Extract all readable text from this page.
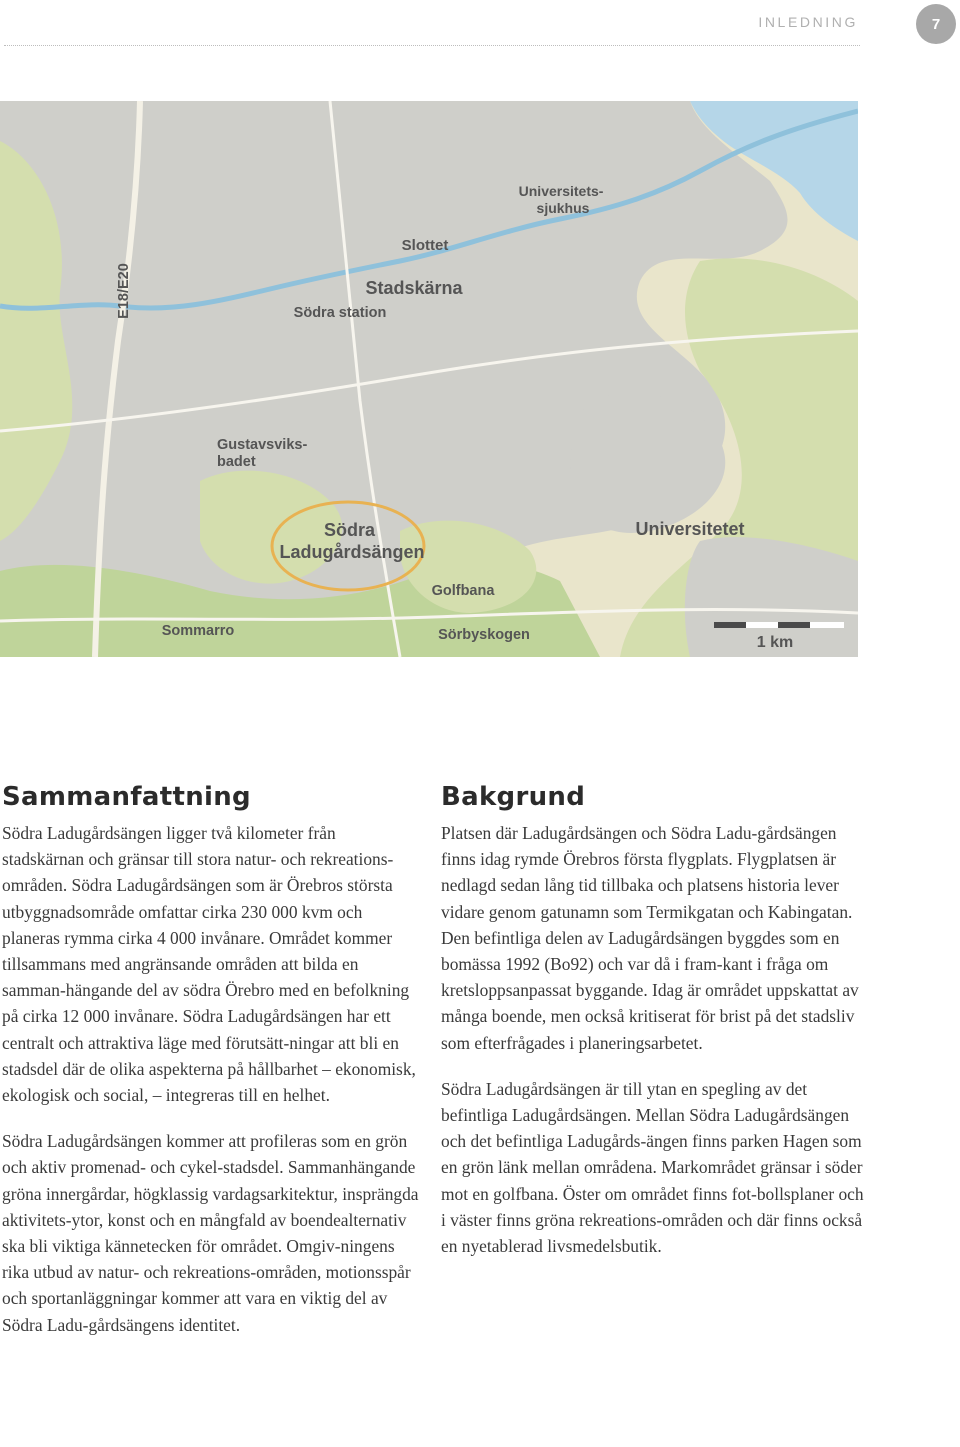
INLEDNING	7
Universitets- sjukhus
Slottet
Stadskärna
Södra station
E18/E20
Gustavsviks- badet
Södra Ladugårdsängen
Universitetet
Golfbana
Sommarro	Sörbyskogen	1 km
Sammanfattning

Södra Ladugårdsängen ligger två kilometer från stadskärnan och gränsar till stora natur- och rekreations-områden. Södra Ladugårdsängen som är Örebros största utbyggnadsområde omfattar cirka 230 000 kvm och planeras rymma cirka 4 000 invånare. Området kommer tillsammans med angränsande områden att bilda en samman-hängande del av södra Örebro med en befolkning på cirka 12 000 invånare. Södra Ladugårdsängen har ett centralt och attraktiva läge med förutsätt-ningar att bli en stadsdel där de olika aspekterna på hållbarhet – ekonomisk, ekologisk och social, – integreras till en helhet.

Södra Ladugårdsängen kommer att profileras som en grön och aktiv promenad- och cykel-stadsdel. Sammanhängande gröna innergårdar, högklassig vardagsarkitektur, insprängda aktivitets-ytor, konst och en mångfald av boendealternativ ska bli viktiga kännetecken för området. Omgiv-ningens rika utbud av natur- och rekreations-områden, motionsspår och sportanläggningar kommer att vara en viktig del av Södra Ladu-gårdsängens identitet.

Bakgrund

Platsen där Ladugårdsängen och Södra Ladu-gårdsängen finns idag rymde Örebros första flygplats. Flygplatsen är nedlagd sedan lång tid tillbaka och platsens historia lever vidare genom gatunamn som Termikgatan och Kabingatan. Den befintliga delen av Ladugårdsängen byggdes som en bomässa 1992 (Bo92) och var då i fram-kant i fråga om kretsloppsanpassat byggande. Idag är området uppskattat av många boende, men också kritiserat för brist på det stadsliv som efterfrågades i planeringsarbetet.

Södra Ladugårdsängen är till ytan en spegling av det befintliga Ladugårdsängen. Mellan Södra Ladugårdsängen och det befintliga Ladugårds-ängen finns parken Hagen som en grön länk mellan områdena. Markområdet gränsar i söder mot en golfbana. Öster om området finns fot-bollsplaner och i väster finns gröna rekreations-områden och där finns också en nyetablerad livsmedelsbutik.
